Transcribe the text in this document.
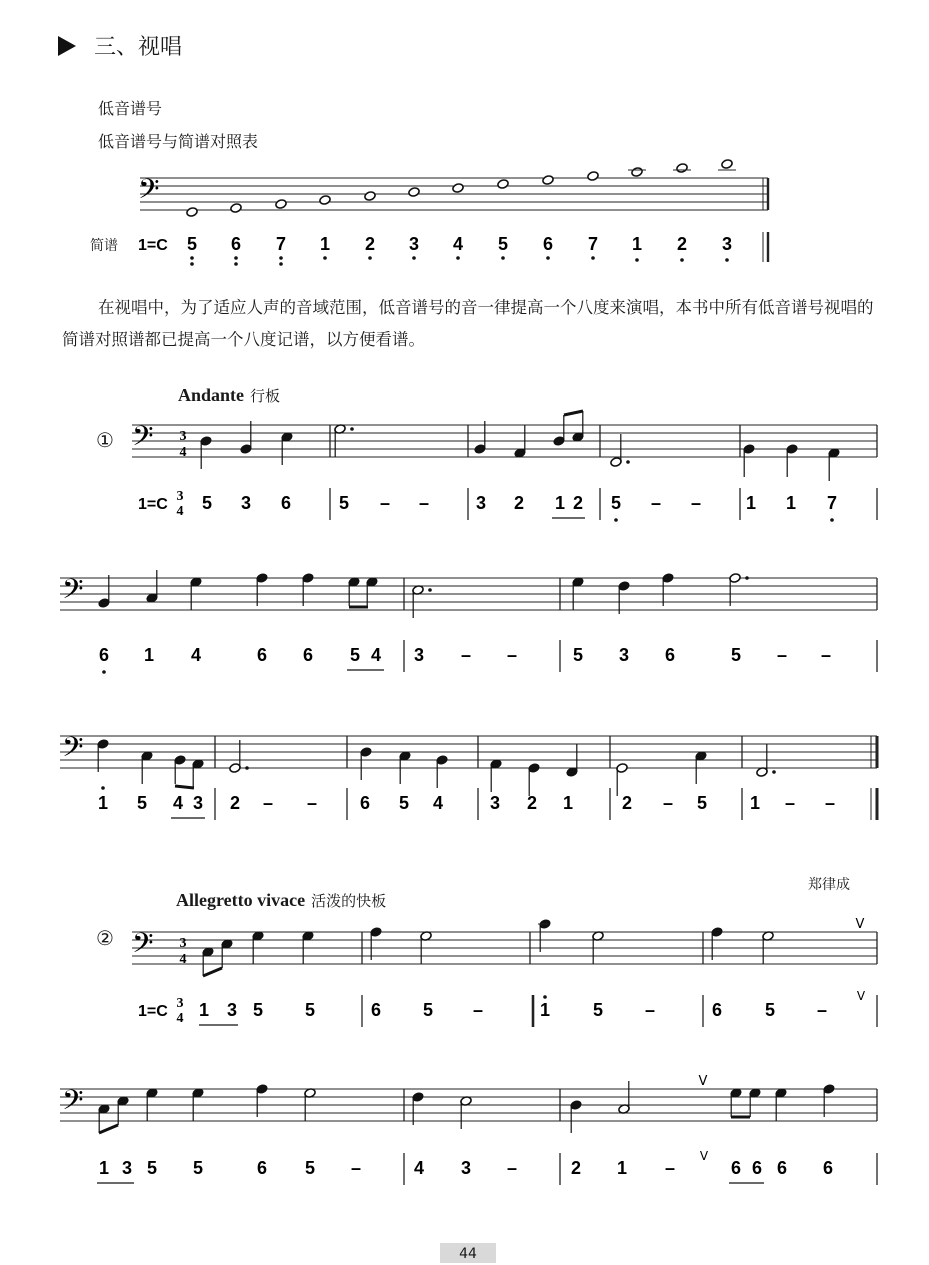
三、视唱
低音谱号
低音谱号与简谱对照表
简谱
在视唱中，为了适应人声的音域范围，低音谱号的音一律提高一个八度来演唱，本书中所有低音谱号视唱的简谱对照谱都已提高一个八度记谱，以方便看谱。
Andante 行板
①
郑律成
Allegretto vivace 活泼的快板
②
44
𝄢
1=C 5 6 7 1 2 3 4 5 6 7 1 2 3
𝄢 3
4
1=C 3
4 5 3 6	5 – –	3 2 1 2 5 – – 1 1 7
𝄢
6 1 4	6 6 5 4 3 – –	5 3 6	5 – –
𝄢
1 5 4 3 2 – – 6 5 4	3 2 1	2 – 5 1 – –
𝄢 3
4
V
1=C 3
4 1 3 5 5	6 5 –	1 5 –	6 5 –
V
𝄢
V
1 3 5 5	6 5 –	4 3 –	2 1 –	6 6 6 6
V
